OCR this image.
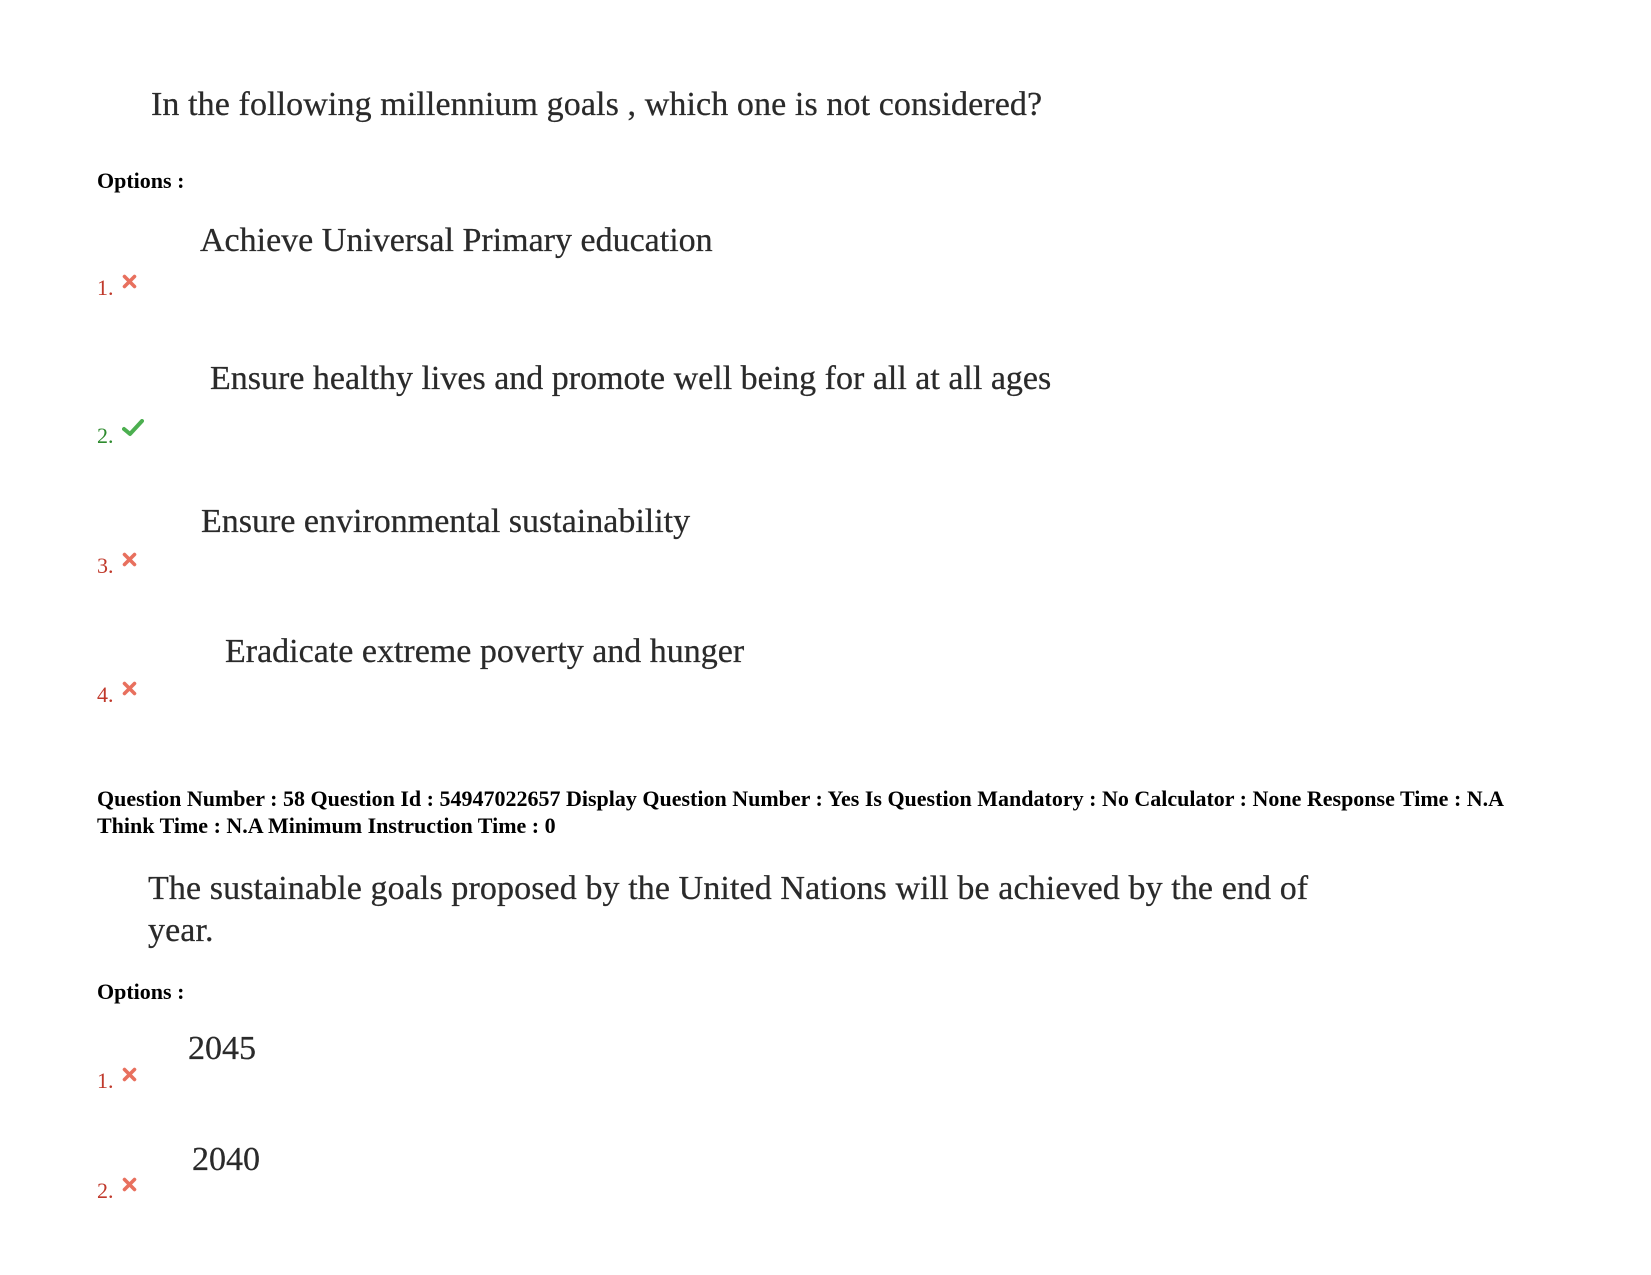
In the following millennium goals , which one is not considered?
Options :
Achieve Universal Primary education
1.
Ensure healthy lives and promote well being for all at all ages
2.
Ensure environmental sustainability
3.
Eradicate extreme poverty and hunger
4.
Question Number : 58 Question Id : 54947022657 Display Question Number : Yes Is Question Mandatory : No Calculator : None Response Time : N.A Think Time : N.A Minimum Instruction Time : 0
The sustainable goals proposed by the United Nations will be achieved by the end of
year.
Options :
2045
1.
2040
2.
